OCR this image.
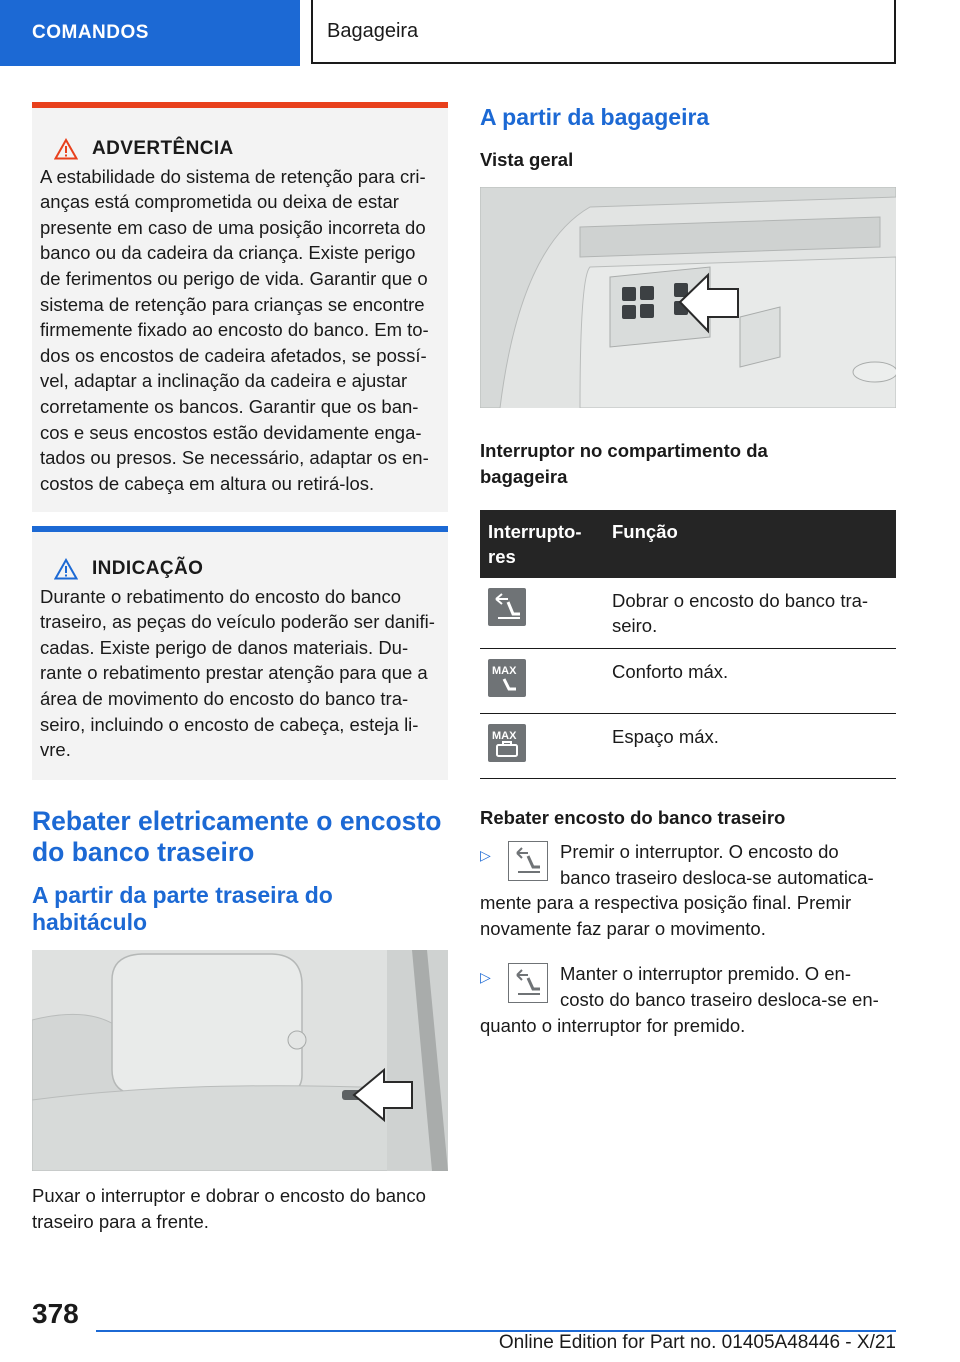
COMANDOS	Bagageira
ADVERTÊNCIA
A estabilidade do sistema de retenção para cri-
anças está comprometida ou deixa de estar
presente em caso de uma posição incorreta do
banco ou da cadeira da criança. Existe perigo
de ferimentos ou perigo de vida. Garantir que o
sistema de retenção para crianças se encontre
firmemente fixado ao encosto do banco. Em to-
dos os encostos de cadeira afetados, se possí-
vel, adaptar a inclinação da cadeira e ajustar
corretamente os bancos. Garantir que os ban-
cos e seus encostos estão devidamente enga-
tados ou presos. Se necessário, adaptar os en-
costos de cabeça em altura ou retirá-los.
INDICAÇÃO
Durante o rebatimento do encosto do banco
traseiro, as peças do veículo poderão ser danifi-
cadas. Existe perigo de danos materiais. Du-
rante o rebatimento prestar atenção para que a
área de movimento do encosto do banco tra-
seiro, incluindo o encosto de cabeça, esteja li-
vre.
Rebater eletricamente o encosto
do banco traseiro
A partir da parte traseira do
habitáculo
Puxar o interruptor e dobrar o encosto do banco
traseiro para a frente.
A partir da bagageira
Vista geral
Interruptor no compartimento da
bagageira
Interrupto-
res	Função

Dobrar o encosto do banco tra-
seiro.

MAX	Conforto máx.

MAX	Espaço máx.
Rebater encosto do banco traseiro
▷	Premir o interruptor. O encosto do
banco traseiro desloca-se automatica-
mente para a respectiva posição final. Premir
novamente faz parar o movimento.
▷	Manter o interruptor premido. O en-
costo do banco traseiro desloca-se en-
quanto o interruptor for premido.
378
Online Edition for Part no. 01405A48446 - X/21
